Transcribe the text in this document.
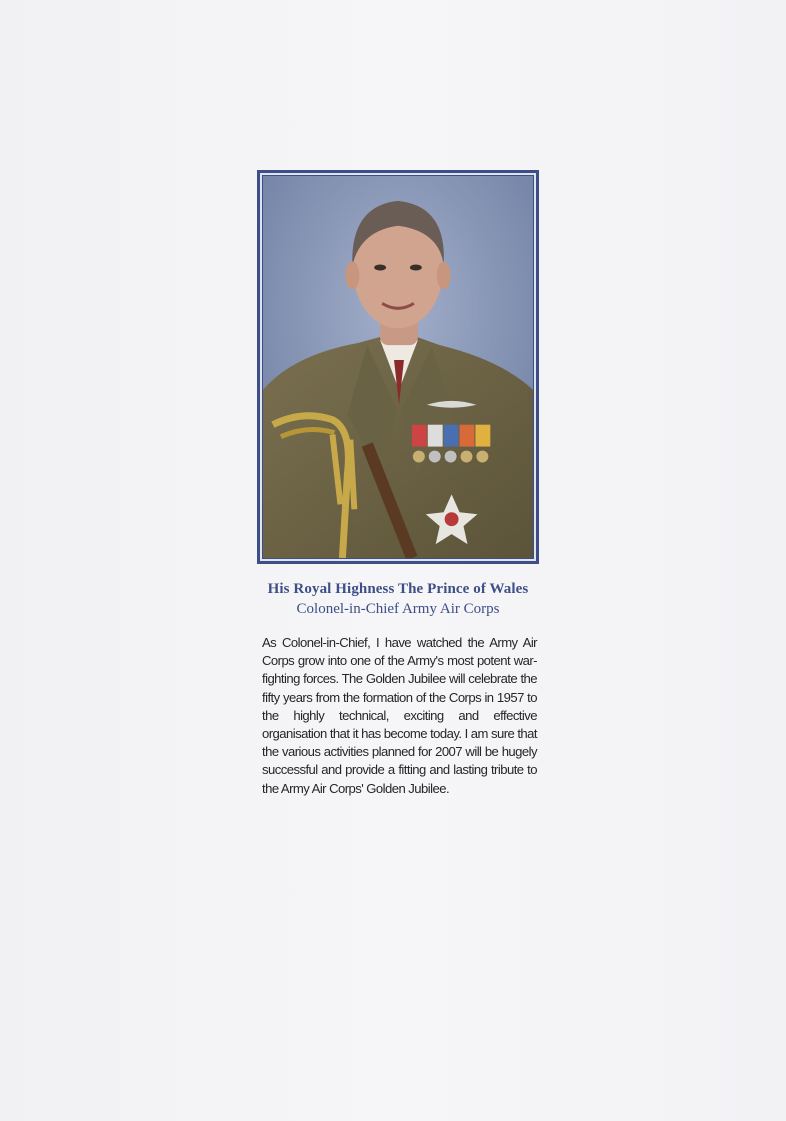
His Royal Highness The Prince of Wales
Colonel-in-Chief Army Air Corps

As Colonel-in-Chief, I have watched the Army Air Corps grow into one of the Army's most potent war-fighting forces. The Golden Jubilee will celebrate the fifty years from the formation of the Corps in 1957 to the highly technical, exciting and effective organisation that it has become today. I am sure that the various activities planned for 2007 will be hugely successful and provide a fitting and lasting tribute to the Army Air Corps' Golden Jubilee.
